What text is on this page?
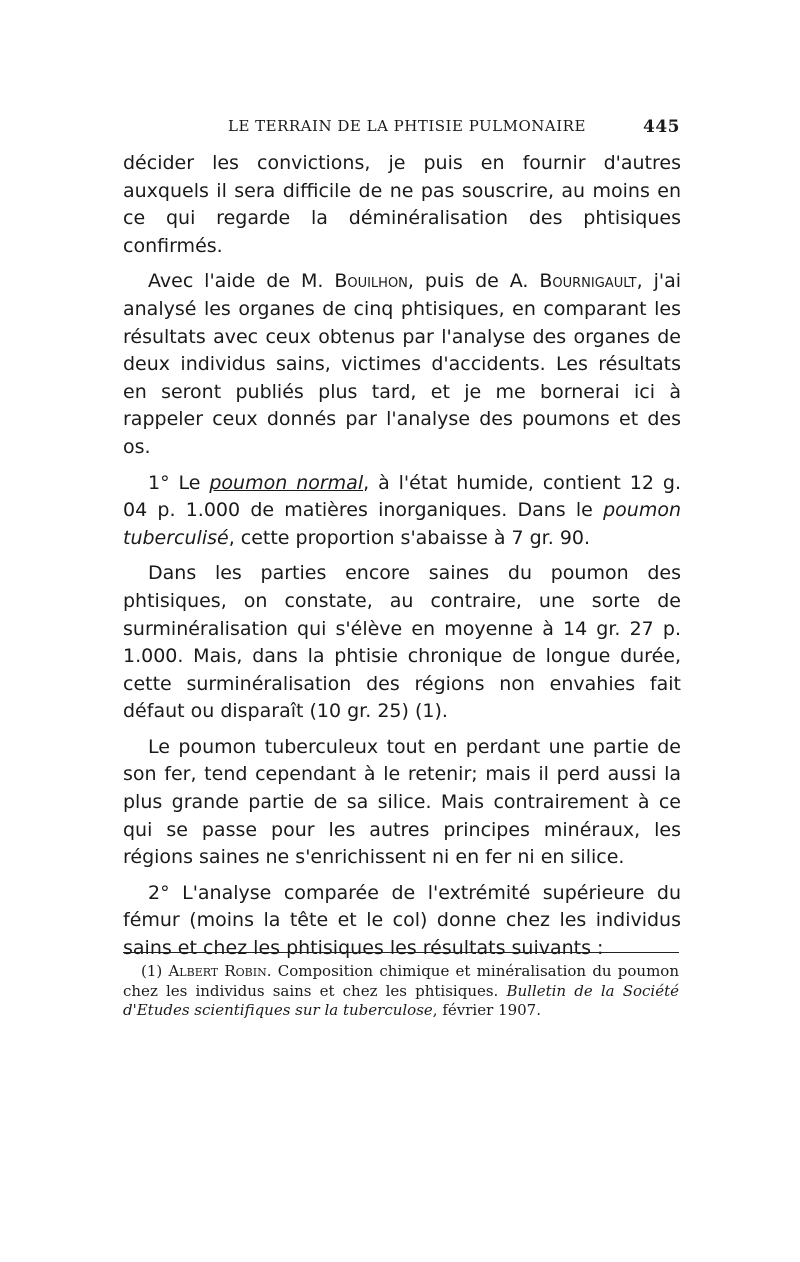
LE TERRAIN DE LA PHTISIE PULMONAIRE	445

décider les convictions, je puis en fournir d'autres auxquels il sera difficile de ne pas souscrire, au moins en ce qui regarde la déminéralisation des phtisiques confirmés.

Avec l'aide de M. Bouilhon, puis de A. Bournigault, j'ai analysé les organes de cinq phtisiques, en comparant les résultats avec ceux obtenus par l'analyse des organes de deux individus sains, victimes d'accidents. Les résultats en seront publiés plus tard, et je me bornerai ici à rappeler ceux donnés par l'analyse des poumons et des os.

1° Le poumon normal, à l'état humide, contient 12 g. 04 p. 1.000 de matières inorganiques. Dans le poumon tuberculisé, cette proportion s'abaisse à 7 gr. 90.

Dans les parties encore saines du poumon des phtisiques, on constate, au contraire, une sorte de surminéralisation qui s'élève en moyenne à 14 gr. 27 p. 1.000. Mais, dans la phtisie chronique de longue durée, cette surminéralisation des régions non envahies fait défaut ou disparaît (10 gr. 25) (1).

Le poumon tuberculeux tout en perdant une partie de son fer, tend cependant à le retenir; mais il perd aussi la plus grande partie de sa silice. Mais contrairement à ce qui se passe pour les autres principes minéraux, les régions saines ne s'enrichissent ni en fer ni en silice.

2° L'analyse comparée de l'extrémité supérieure du fémur (moins la tête et le col) donne chez les individus sains et chez les phtisiques les résultats suivants :

(1) Albert Robin. Composition chimique et minéralisation du poumon chez les individus sains et chez les phtisiques. Bulletin de la Société d'Etudes scientifiques sur la tuberculose, février 1907.
